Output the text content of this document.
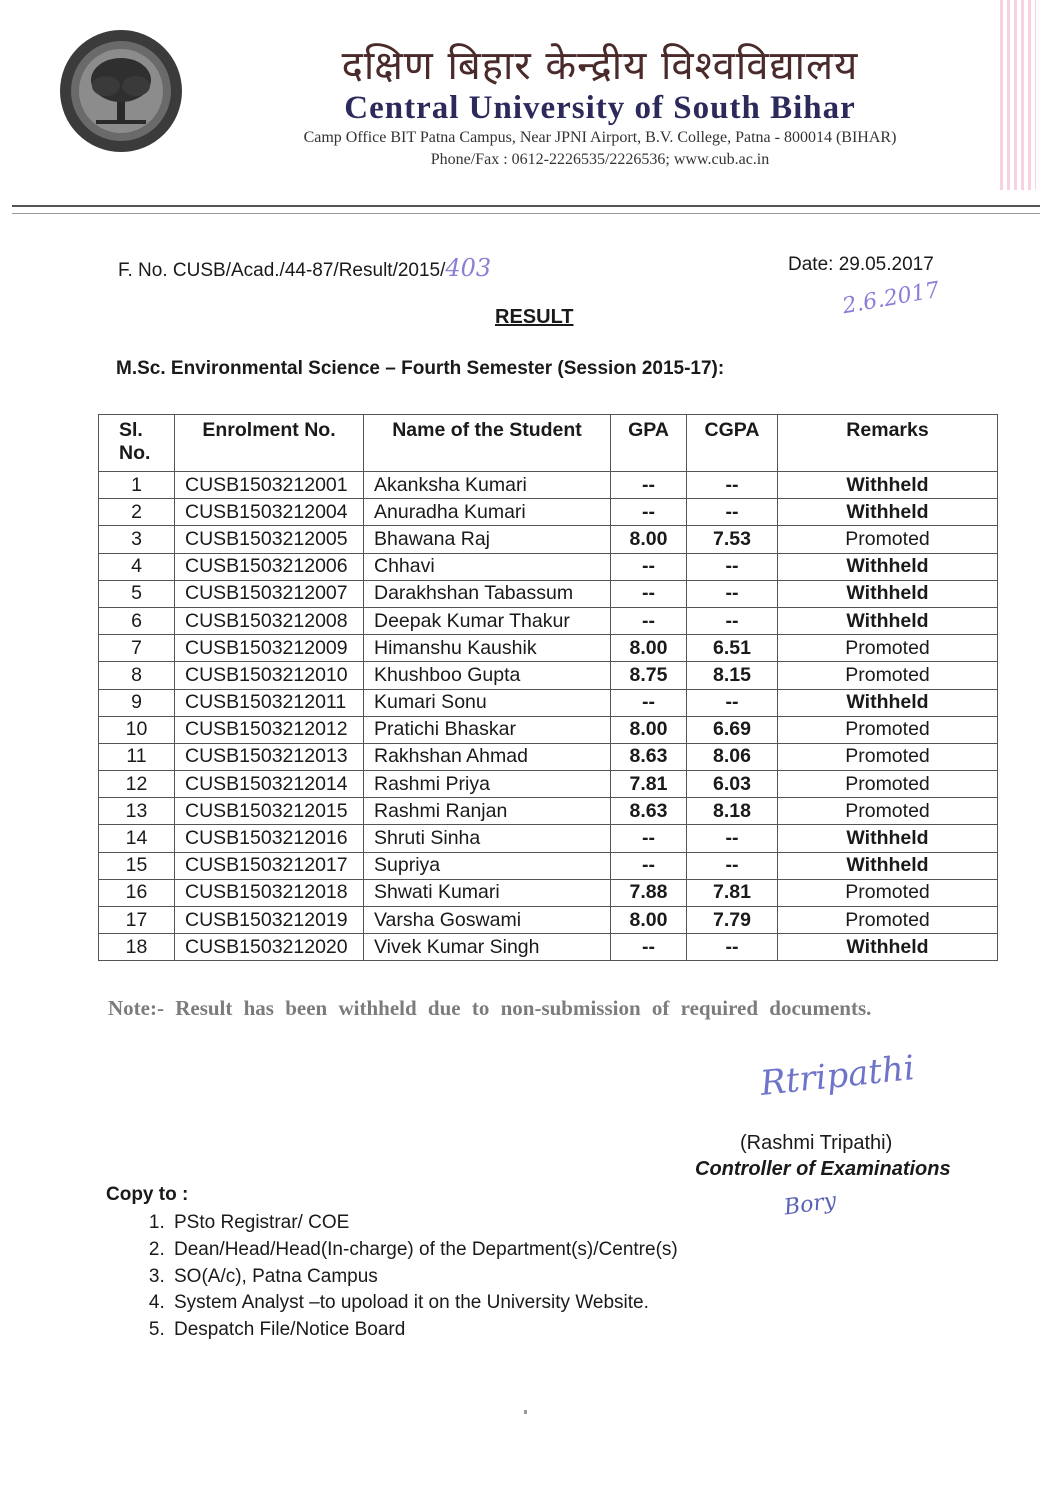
दक्षिण बिहार केन्द्रीय विश्वविद्यालय
Central University of South Bihar
Camp Office BIT Patna Campus, Near JPNI Airport, B.V. College, Patna - 800014 (BIHAR)
Phone/Fax : 0612-2226535/2226536; www.cub.ac.in
F. No. CUSB/Acad./44-87/Result/2015/403	Date: 29.05.2017
2.6.2017
RESULT
M.Sc. Environmental Science – Fourth Semester (Session 2015-17):
Sl. No.	Enrolment No.	Name of the Student	GPA	CGPA	Remarks
1	CUSB1503212001	Akanksha Kumari	--	--	Withheld
2	CUSB1503212004	Anuradha Kumari	--	--	Withheld
3	CUSB1503212005	Bhawana Raj	8.00	7.53	Promoted
4	CUSB1503212006	Chhavi	--	--	Withheld
5	CUSB1503212007	Darakhshan Tabassum	--	--	Withheld
6	CUSB1503212008	Deepak Kumar Thakur	--	--	Withheld
7	CUSB1503212009	Himanshu Kaushik	8.00	6.51	Promoted
8	CUSB1503212010	Khushboo Gupta	8.75	8.15	Promoted
9	CUSB1503212011	Kumari Sonu	--	--	Withheld
10	CUSB1503212012	Pratichi Bhaskar	8.00	6.69	Promoted
11	CUSB1503212013	Rakhshan Ahmad	8.63	8.06	Promoted
12	CUSB1503212014	Rashmi Priya	7.81	6.03	Promoted
13	CUSB1503212015	Rashmi Ranjan	8.63	8.18	Promoted
14	CUSB1503212016	Shruti Sinha	--	--	Withheld
15	CUSB1503212017	Supriya	--	--	Withheld
16	CUSB1503212018	Shwati Kumari	7.88	7.81	Promoted
17	CUSB1503212019	Varsha Goswami	8.00	7.79	Promoted
18	CUSB1503212020	Vivek Kumar Singh	--	--	Withheld
Note:- Result has been withheld due to non-submission of required documents.
Rtripathi
(Rashmi Tripathi)
Controller of Examinations
Bory
Copy to :
1. PSto Registrar/ COE
2. Dean/Head/Head(In-charge) of the Department(s)/Centre(s)
3. SO(A/c), Patna Campus
4. System Analyst –to upoload it on the University Website.
5. Despatch File/Notice Board
